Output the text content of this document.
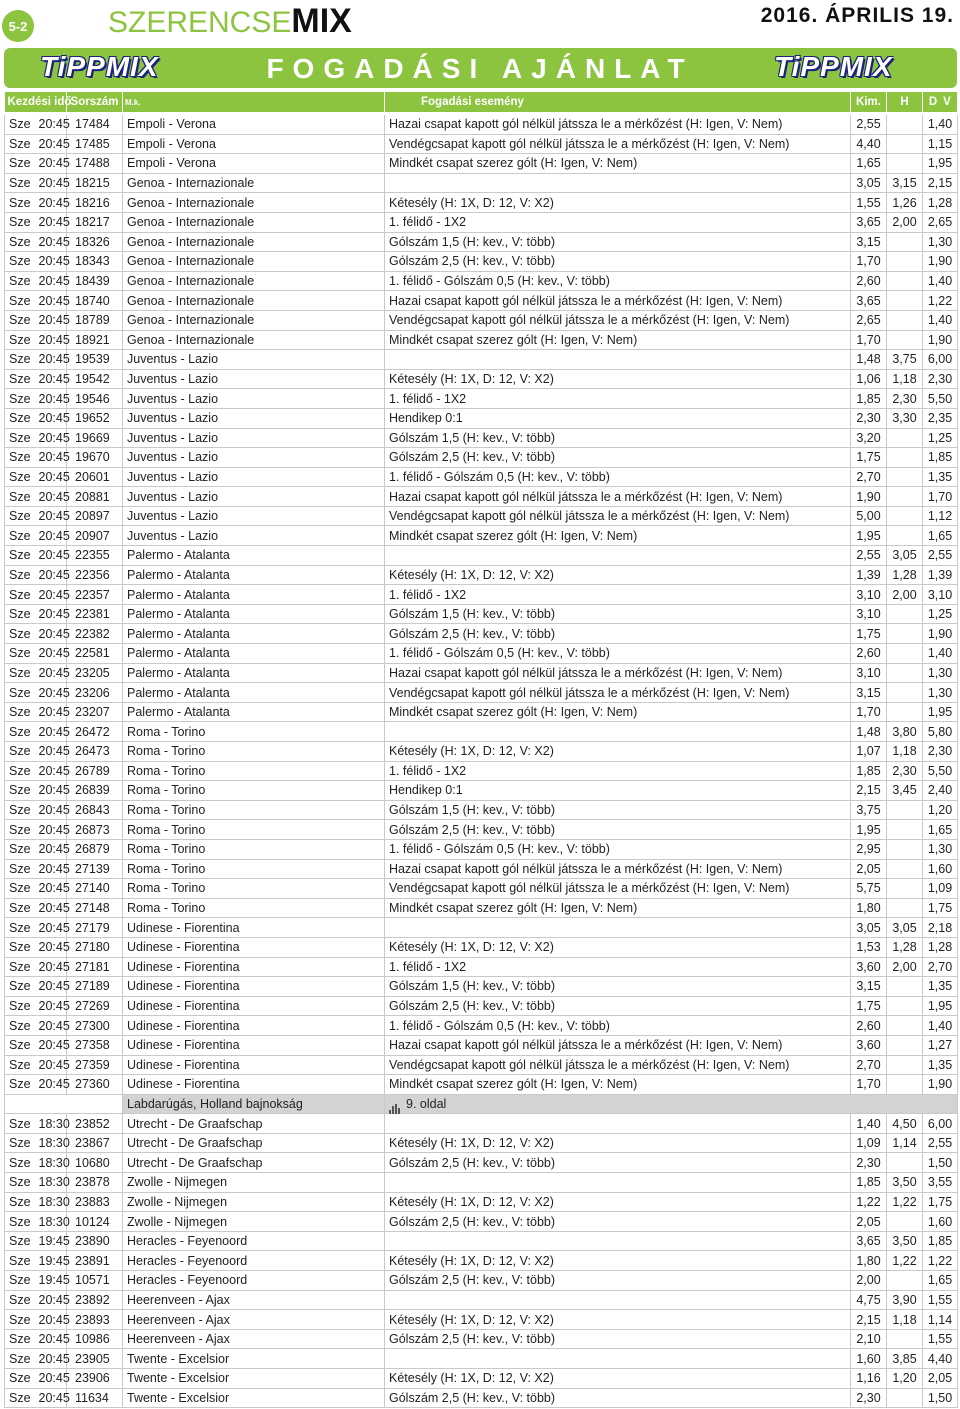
5-2	SZERENCSEMIX	2016. ÁPRILIS 19.
TiPPMIX	FOGADÁSI AJÁNLAT	TiPPMIX
Kezdési idő		Sorszám	M.k.	Fogadási esemény	Kim.	H	D V

Sze	20:45	17484	Empoli - Verona	Hazai csapat kapott gól nélkül játssza le a mérkőzést (H: Igen, V: Nem)	2,55		1,40
Sze	20:45	17485	Empoli - Verona	Vendégcsapat kapott gól nélkül játssza le a mérkőzést (H: Igen, V: Nem)	4,40		1,15
Sze	20:45	17488	Empoli - Verona	Mindkét csapat szerez gólt (H: Igen, V: Nem)	1,65		1,95
Sze	20:45	18215	Genoa - Internazionale		3,05	3,15	2,15
Sze	20:45	18216	Genoa - Internazionale	Kétesély (H: 1X, D: 12, V: X2)	1,55	1,26	1,28
Sze	20:45	18217	Genoa - Internazionale	1. félidő - 1X2	3,65	2,00	2,65
Sze	20:45	18326	Genoa - Internazionale	Gólszám 1,5 (H: kev., V: több)	3,15		1,30
Sze	20:45	18343	Genoa - Internazionale	Gólszám 2,5 (H: kev., V: több)	1,70		1,90
Sze	20:45	18439	Genoa - Internazionale	1. félidő - Gólszám 0,5 (H: kev., V: több)	2,60		1,40
Sze	20:45	18740	Genoa - Internazionale	Hazai csapat kapott gól nélkül játssza le a mérkőzést (H: Igen, V: Nem)	3,65		1,22
Sze	20:45	18789	Genoa - Internazionale	Vendégcsapat kapott gól nélkül játssza le a mérkőzést (H: Igen, V: Nem)	2,65		1,40
Sze	20:45	18921	Genoa - Internazionale	Mindkét csapat szerez gólt (H: Igen, V: Nem)	1,70		1,90
Sze	20:45	19539	Juventus - Lazio		1,48	3,75	6,00
Sze	20:45	19542	Juventus - Lazio	Kétesély (H: 1X, D: 12, V: X2)	1,06	1,18	2,30
Sze	20:45	19546	Juventus - Lazio	1. félidő - 1X2	1,85	2,30	5,50
Sze	20:45	19652	Juventus - Lazio	Hendikep 0:1	2,30	3,30	2,35
Sze	20:45	19669	Juventus - Lazio	Gólszám 1,5 (H: kev., V: több)	3,20		1,25
Sze	20:45	19670	Juventus - Lazio	Gólszám 2,5 (H: kev., V: több)	1,75		1,85
Sze	20:45	20601	Juventus - Lazio	1. félidő - Gólszám 0,5 (H: kev., V: több)	2,70		1,35
Sze	20:45	20881	Juventus - Lazio	Hazai csapat kapott gól nélkül játssza le a mérkőzést (H: Igen, V: Nem)	1,90		1,70
Sze	20:45	20897	Juventus - Lazio	Vendégcsapat kapott gól nélkül játssza le a mérkőzést (H: Igen, V: Nem)	5,00		1,12
Sze	20:45	20907	Juventus - Lazio	Mindkét csapat szerez gólt (H: Igen, V: Nem)	1,95		1,65
Sze	20:45	22355	Palermo - Atalanta		2,55	3,05	2,55
Sze	20:45	22356	Palermo - Atalanta	Kétesély (H: 1X, D: 12, V: X2)	1,39	1,28	1,39
Sze	20:45	22357	Palermo - Atalanta	1. félidő - 1X2	3,10	2,00	3,10
Sze	20:45	22381	Palermo - Atalanta	Gólszám 1,5 (H: kev., V: több)	3,10		1,25
Sze	20:45	22382	Palermo - Atalanta	Gólszám 2,5 (H: kev., V: több)	1,75		1,90
Sze	20:45	22581	Palermo - Atalanta	1. félidő - Gólszám 0,5 (H: kev., V: több)	2,60		1,40
Sze	20:45	23205	Palermo - Atalanta	Hazai csapat kapott gól nélkül játssza le a mérkőzést (H: Igen, V: Nem)	3,10		1,30
Sze	20:45	23206	Palermo - Atalanta	Vendégcsapat kapott gól nélkül játssza le a mérkőzést (H: Igen, V: Nem)	3,15		1,30
Sze	20:45	23207	Palermo - Atalanta	Mindkét csapat szerez gólt (H: Igen, V: Nem)	1,70		1,95
Sze	20:45	26472	Roma - Torino		1,48	3,80	5,80
Sze	20:45	26473	Roma - Torino	Kétesély (H: 1X, D: 12, V: X2)	1,07	1,18	2,30
Sze	20:45	26789	Roma - Torino	1. félidő - 1X2	1,85	2,30	5,50
Sze	20:45	26839	Roma - Torino	Hendikep 0:1	2,15	3,45	2,40
Sze	20:45	26843	Roma - Torino	Gólszám 1,5 (H: kev., V: több)	3,75		1,20
Sze	20:45	26873	Roma - Torino	Gólszám 2,5 (H: kev., V: több)	1,95		1,65
Sze	20:45	26879	Roma - Torino	1. félidő - Gólszám 0,5 (H: kev., V: több)	2,95		1,30
Sze	20:45	27139	Roma - Torino	Hazai csapat kapott gól nélkül játssza le a mérkőzést (H: Igen, V: Nem)	2,05		1,60
Sze	20:45	27140	Roma - Torino	Vendégcsapat kapott gól nélkül játssza le a mérkőzést (H: Igen, V: Nem)	5,75		1,09
Sze	20:45	27148	Roma - Torino	Mindkét csapat szerez gólt (H: Igen, V: Nem)	1,80		1,75
Sze	20:45	27179	Udinese - Fiorentina		3,05	3,05	2,18
Sze	20:45	27180	Udinese - Fiorentina	Kétesély (H: 1X, D: 12, V: X2)	1,53	1,28	1,28
Sze	20:45	27181	Udinese - Fiorentina	1. félidő - 1X2	3,60	2,00	2,70
Sze	20:45	27189	Udinese - Fiorentina	Gólszám 1,5 (H: kev., V: több)	3,15		1,35
Sze	20:45	27269	Udinese - Fiorentina	Gólszám 2,5 (H: kev., V: több)	1,75		1,95
Sze	20:45	27300	Udinese - Fiorentina	1. félidő - Gólszám 0,5 (H: kev., V: több)	2,60		1,40
Sze	20:45	27358	Udinese - Fiorentina	Hazai csapat kapott gól nélkül játssza le a mérkőzést (H: Igen, V: Nem)	3,60		1,27
Sze	20:45	27359	Udinese - Fiorentina	Vendégcsapat kapott gól nélkül játssza le a mérkőzést (H: Igen, V: Nem)	2,70		1,35
Sze	20:45	27360	Udinese - Fiorentina	Mindkét csapat szerez gólt (H: Igen, V: Nem)	1,70		1,90
			Labdarúgás, Holland bajnokság	9. oldal			
Sze	18:30	23852	Utrecht - De Graafschap		1,40	4,50	6,00
Sze	18:30	23867	Utrecht - De Graafschap	Kétesély (H: 1X, D: 12, V: X2)	1,09	1,14	2,55
Sze	18:30	10680	Utrecht - De Graafschap	Gólszám 2,5 (H: kev., V: több)	2,30		1,50
Sze	18:30	23878	Zwolle - Nijmegen		1,85	3,50	3,55
Sze	18:30	23883	Zwolle - Nijmegen	Kétesély (H: 1X, D: 12, V: X2)	1,22	1,22	1,75
Sze	18:30	10124	Zwolle - Nijmegen	Gólszám 2,5 (H: kev., V: több)	2,05		1,60
Sze	19:45	23890	Heracles - Feyenoord		3,65	3,50	1,85
Sze	19:45	23891	Heracles - Feyenoord	Kétesély (H: 1X, D: 12, V: X2)	1,80	1,22	1,22
Sze	19:45	10571	Heracles - Feyenoord	Gólszám 2,5 (H: kev., V: több)	2,00		1,65
Sze	20:45	23892	Heerenveen - Ajax		4,75	3,90	1,55
Sze	20:45	23893	Heerenveen - Ajax	Kétesély (H: 1X, D: 12, V: X2)	2,15	1,18	1,14
Sze	20:45	10986	Heerenveen - Ajax	Gólszám 2,5 (H: kev., V: több)	2,10		1,55
Sze	20:45	23905	Twente - Excelsior		1,60	3,85	4,40
Sze	20:45	23906	Twente - Excelsior	Kétesély (H: 1X, D: 12, V: X2)	1,16	1,20	2,05
Sze	20:45	11634	Twente - Excelsior	Gólszám 2,5 (H: kev., V: több)	2,30		1,50
